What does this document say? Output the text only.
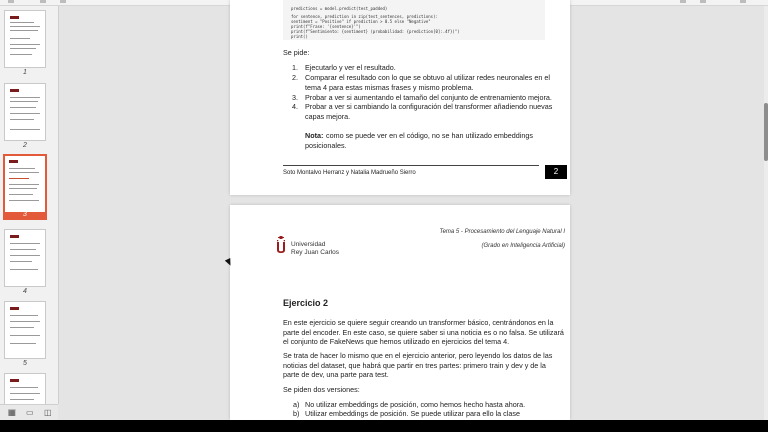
1
2
3
4
5
▦ ▭ ◫
predictions = model.predict(test_padded)
for sentence, prediction in zip(test_sentences, predictions):
sentiment = "Positive" if prediction > 0.5 else "Negative"
print(f"Frase: '{sentence}'")
print(f"Sentimiento: {sentiment} (probabilidad: {prediction[0]:.4f})")
print()
Se pide:
1. Ejecutarlo y ver el resultado.
2. Comparar el resultado con lo que se obtuvo al utilizar redes neuronales en el
tema 4 para estas mismas frases y mismo problema.
3. Probar a ver si aumentando el tamaño del conjunto de entrenamiento mejora.
4. Probar a ver si cambiando la configuración del transformer añadiendo nuevas
capas mejora.
Nota: como se puede ver en el código, no se han utilizado embeddings
posicionales.
Soto Montalvo Herranz y Natalia Madrueño Sierro	2
Tema 5 - Procesamiento del Lenguaje Natural I
(Grado en Inteligencia Artificial)
Universidad
Rey Juan Carlos
Ejercicio 2
En este ejercicio se quiere seguir creando un transformer básico, centrándonos en la
parte del encoder. En este caso, se quiere saber si una noticia es o no falsa. Se utilizará
el conjunto de FakeNews que hemos utilizado en ejercicios del tema 4.
Se trata de hacer lo mismo que en el ejercicio anterior, pero leyendo los datos de las
noticias del dataset, que habrá que partir en tres partes: primero train y dev y de la
parte de dev, una parte para test.
Se piden dos versiones:
a) No utilizar embeddings de posición, como hemos hecho hasta ahora.
b) Utilizar embeddings de posición. Se puede utilizar para ello la clase
